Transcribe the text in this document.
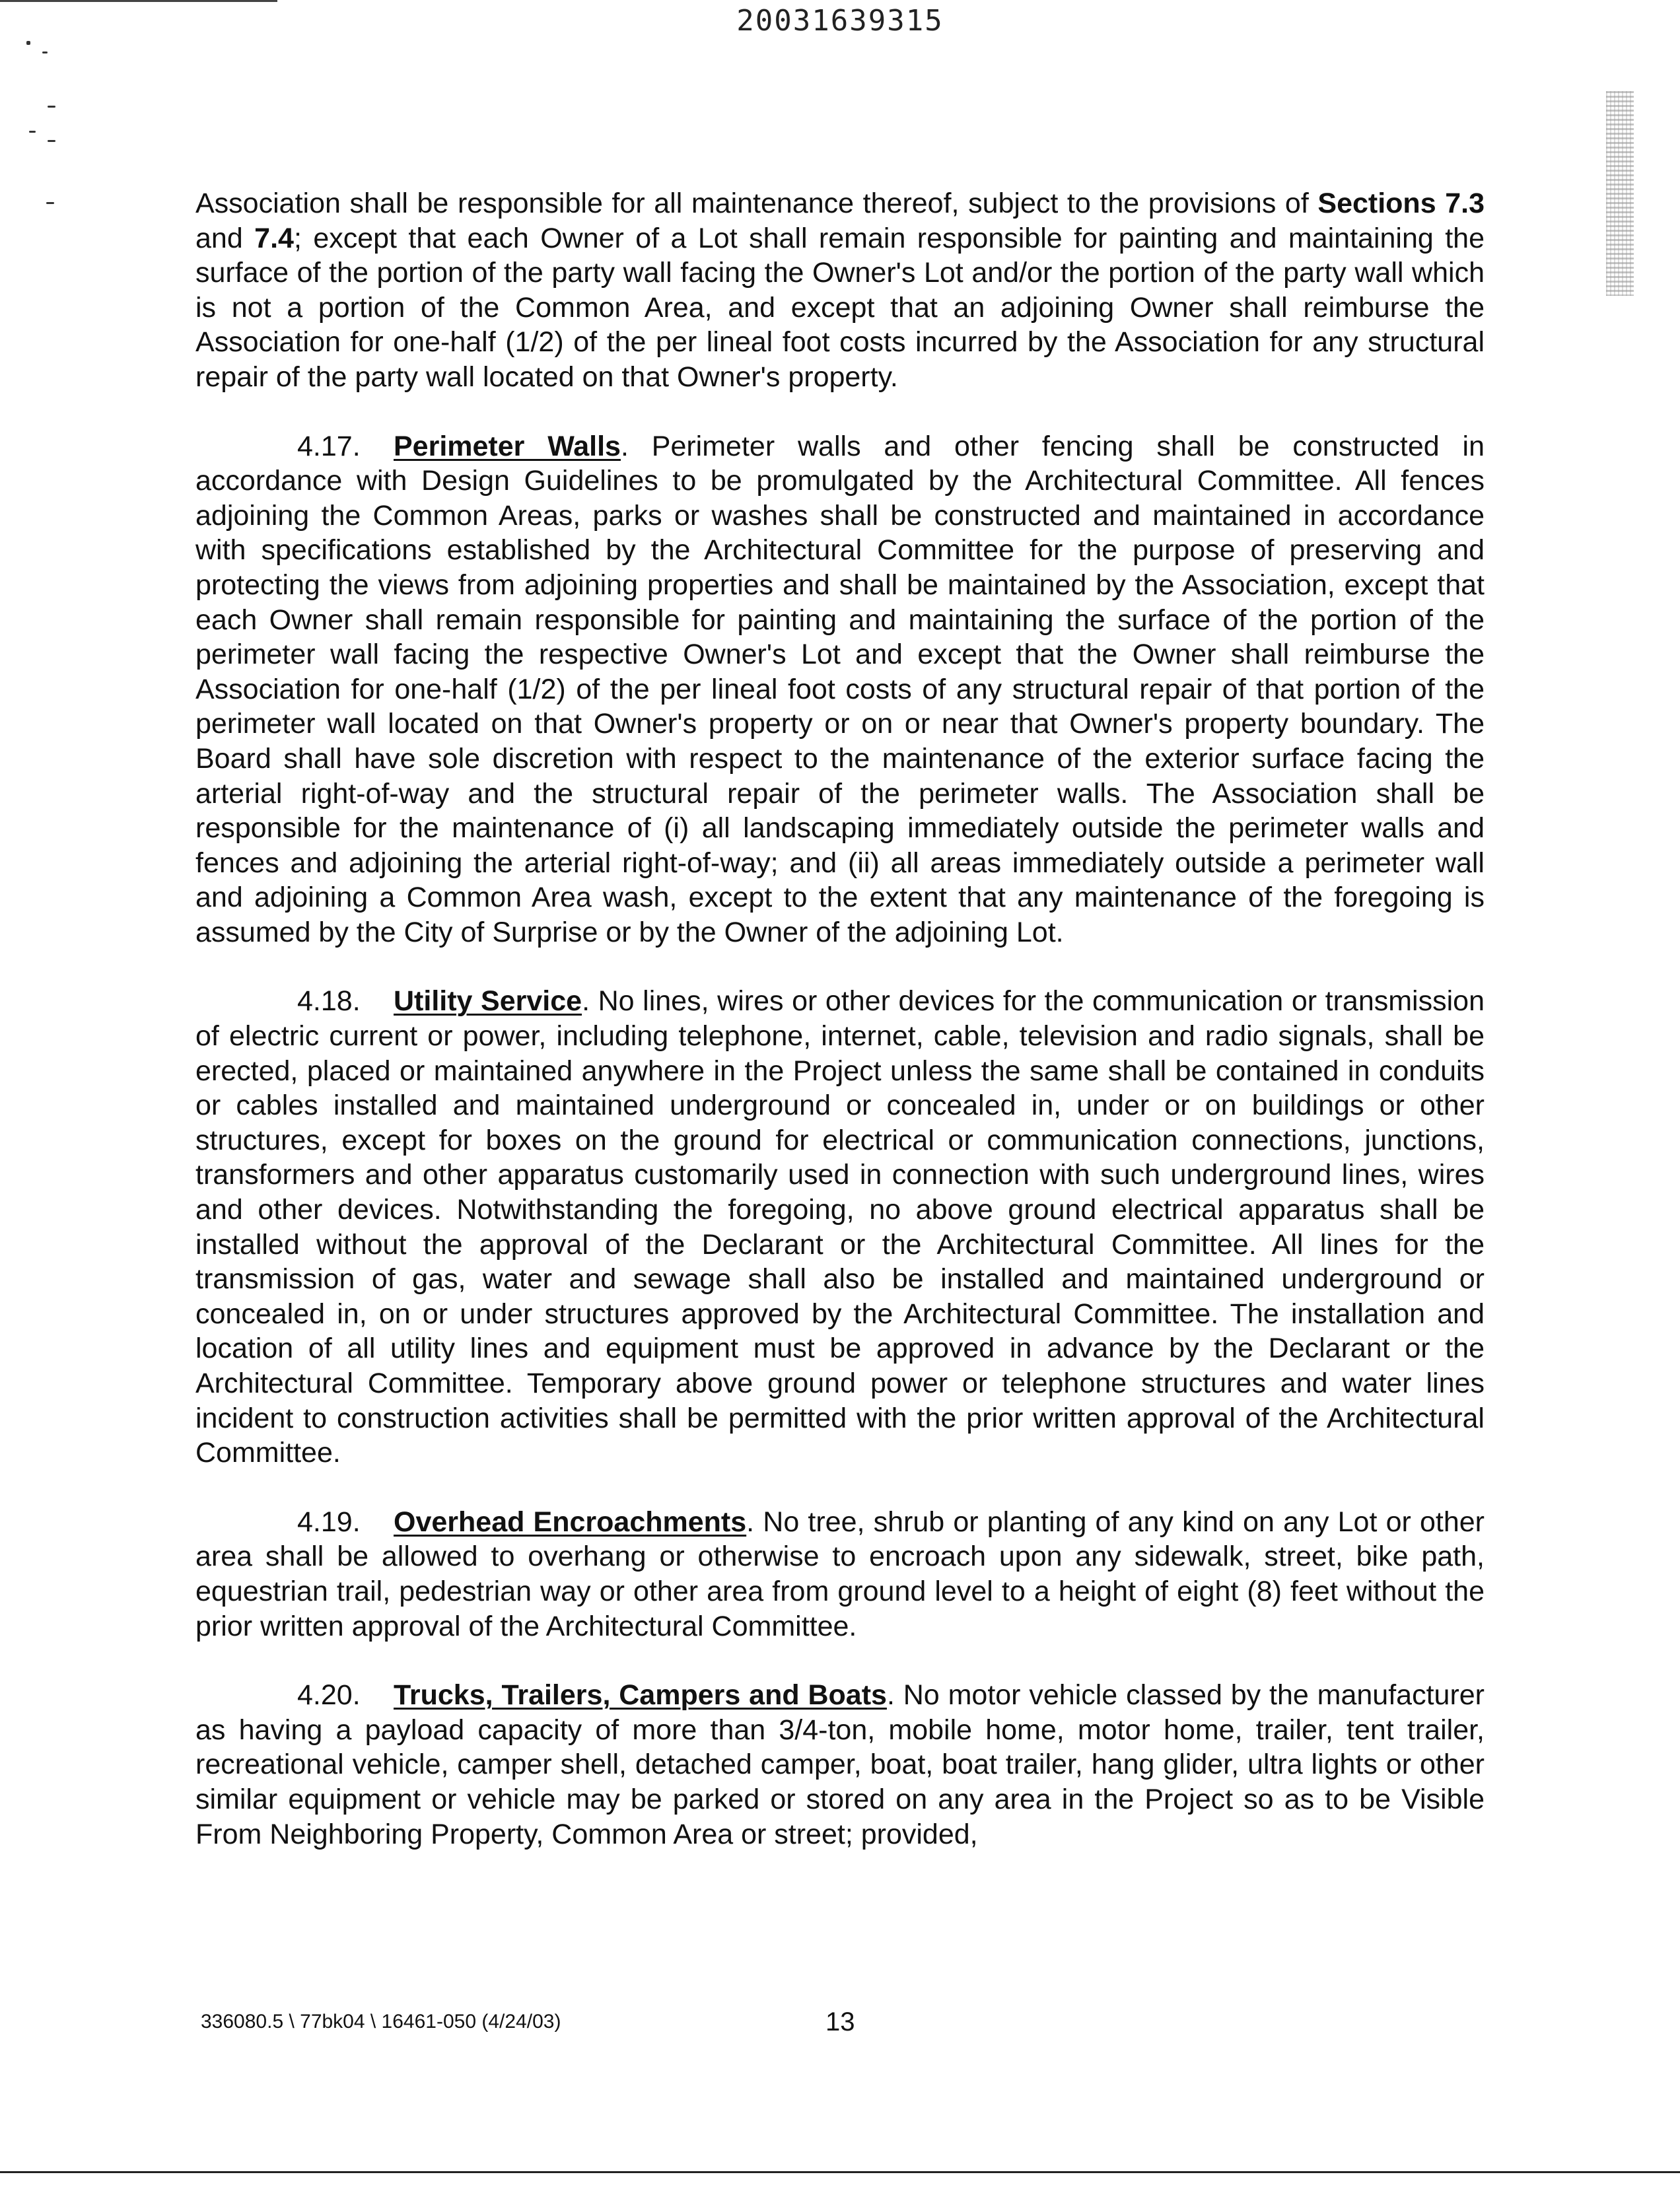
20031639315

Association shall be responsible for all maintenance thereof, subject to the provisions of Sections 7.3 and 7.4; except that each Owner of a Lot shall remain responsible for painting and maintaining the surface of the portion of the party wall facing the Owner's Lot and/or the portion of the party wall which is not a portion of the Common Area, and except that an adjoining Owner shall reimburse the Association for one-half (1/2) of the per lineal foot costs incurred by the Association for any structural repair of the party wall located on that Owner's property.

4.17. Perimeter Walls. Perimeter walls and other fencing shall be constructed in accordance with Design Guidelines to be promulgated by the Architectural Committee. All fences adjoining the Common Areas, parks or washes shall be constructed and maintained in accordance with specifications established by the Architectural Committee for the purpose of preserving and protecting the views from adjoining properties and shall be maintained by the Association, except that each Owner shall remain responsible for painting and maintaining the surface of the portion of the perimeter wall facing the respective Owner's Lot and except that the Owner shall reimburse the Association for one-half (1/2) of the per lineal foot costs of any structural repair of that portion of the perimeter wall located on that Owner's property or on or near that Owner's property boundary. The Board shall have sole discretion with respect to the maintenance of the exterior surface facing the arterial right-of-way and the structural repair of the perimeter walls. The Association shall be responsible for the maintenance of (i) all landscaping immediately outside the perimeter walls and fences and adjoining the arterial right-of-way; and (ii) all areas immediately outside a perimeter wall and adjoining a Common Area wash, except to the extent that any maintenance of the foregoing is assumed by the City of Surprise or by the Owner of the adjoining Lot.

4.18. Utility Service. No lines, wires or other devices for the communication or transmission of electric current or power, including telephone, internet, cable, television and radio signals, shall be erected, placed or maintained anywhere in the Project unless the same shall be contained in conduits or cables installed and maintained underground or concealed in, under or on buildings or other structures, except for boxes on the ground for electrical or communication connections, junctions, transformers and other apparatus customarily used in connection with such underground lines, wires and other devices. Notwithstanding the foregoing, no above ground electrical apparatus shall be installed without the approval of the Declarant or the Architectural Committee. All lines for the transmission of gas, water and sewage shall also be installed and maintained underground or concealed in, on or under structures approved by the Architectural Committee. The installation and location of all utility lines and equipment must be approved in advance by the Declarant or the Architectural Committee. Temporary above ground power or telephone structures and water lines incident to construction activities shall be permitted with the prior written approval of the Architectural Committee.

4.19. Overhead Encroachments. No tree, shrub or planting of any kind on any Lot or other area shall be allowed to overhang or otherwise to encroach upon any sidewalk, street, bike path, equestrian trail, pedestrian way or other area from ground level to a height of eight (8) feet without the prior written approval of the Architectural Committee.

4.20. Trucks, Trailers, Campers and Boats. No motor vehicle classed by the manufacturer as having a payload capacity of more than 3/4-ton, mobile home, motor home, trailer, tent trailer, recreational vehicle, camper shell, detached camper, boat, boat trailer, hang glider, ultra lights or other similar equipment or vehicle may be parked or stored on any area in the Project so as to be Visible From Neighboring Property, Common Area or street; provided,

336080.5 \ 77bk04 \ 16461-050 (4/24/03)	13
